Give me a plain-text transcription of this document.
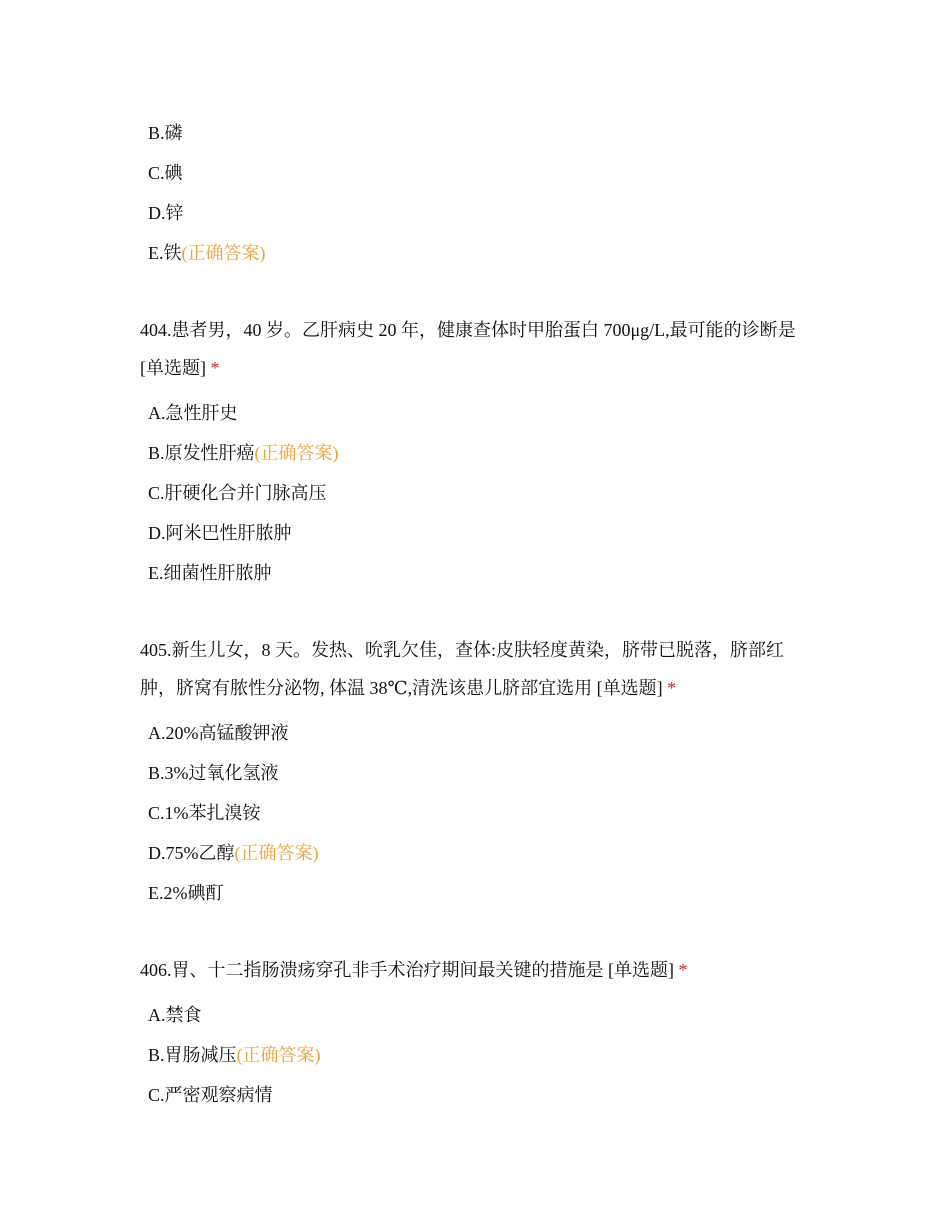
B.磷
C.碘
D.锌
E.铁(正确答案)
404.患者男，40 岁。乙肝病史 20 年，健康查体时甲胎蛋白 700μg/L,最可能的诊断是 [单选题] *
A.急性肝史
B.原发性肝癌(正确答案)
C.肝硬化合并门脉高压
D.阿米巴性肝脓肿
E.细菌性肝脓肿
405.新生儿女，8 天。发热、吮乳欠佳，查体:皮肤轻度黄染，脐带已脱落，脐部红肿，脐窝有脓性分泌物, 体温 38℃,清洗该患儿脐部宜选用 [单选题] *
A.20%高锰酸钾液
B.3%过氧化氢液
C.1%苯扎溴铵
D.75%乙醇(正确答案)
E.2%碘酊
406.胃、十二指肠溃疡穿孔非手术治疗期间最关键的措施是 [单选题] *
A.禁食
B.胃肠减压(正确答案)
C.严密观察病情
